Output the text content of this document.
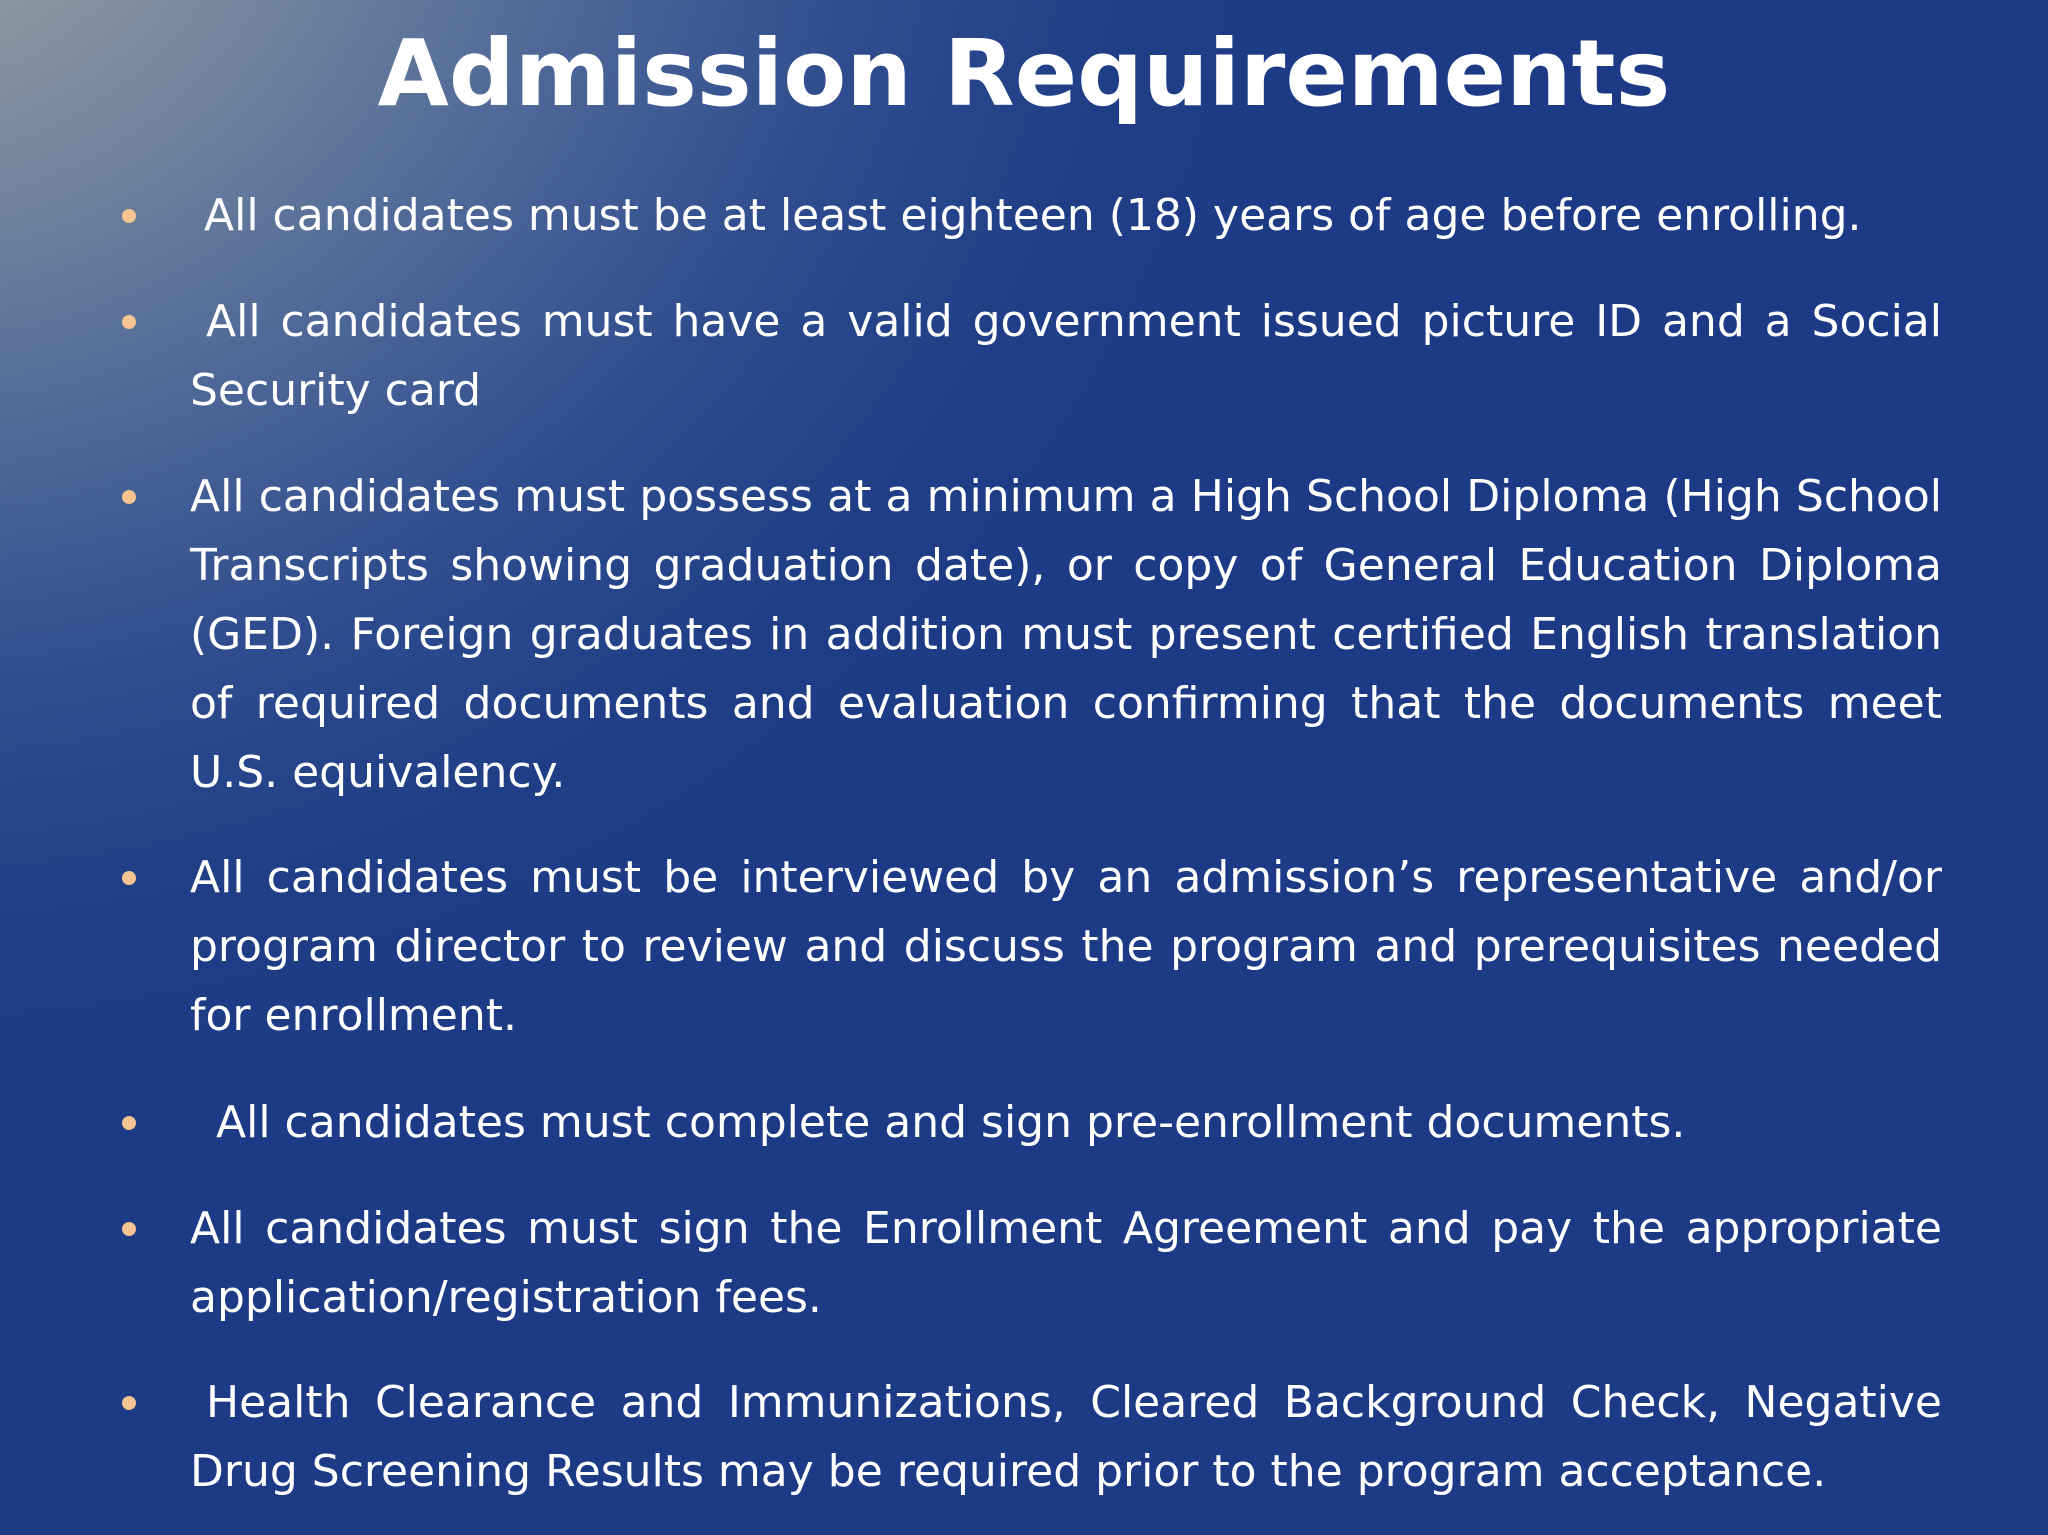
Admission Requirements
All candidates must be at least eighteen (18) years of age before enrolling.
All candidates must have a valid government issued picture ID and a Social Security card
All candidates must possess at a minimum a High School Diploma (High School Transcripts showing graduation date), or copy of General Education Diploma (GED). Foreign graduates in addition must present certified English translation of required documents and evaluation confirming that the documents meet U.S. equivalency.
All candidates must be interviewed by an admission’s representative and/or program director to review and discuss the program and prerequisites needed for enrollment.
All candidates must complete and sign pre-enrollment documents.
All candidates must sign the Enrollment Agreement and pay the appropriate application/registration fees.
Health Clearance and Immunizations, Cleared Background Check, Negative Drug Screening Results may be required prior to the program acceptance.
